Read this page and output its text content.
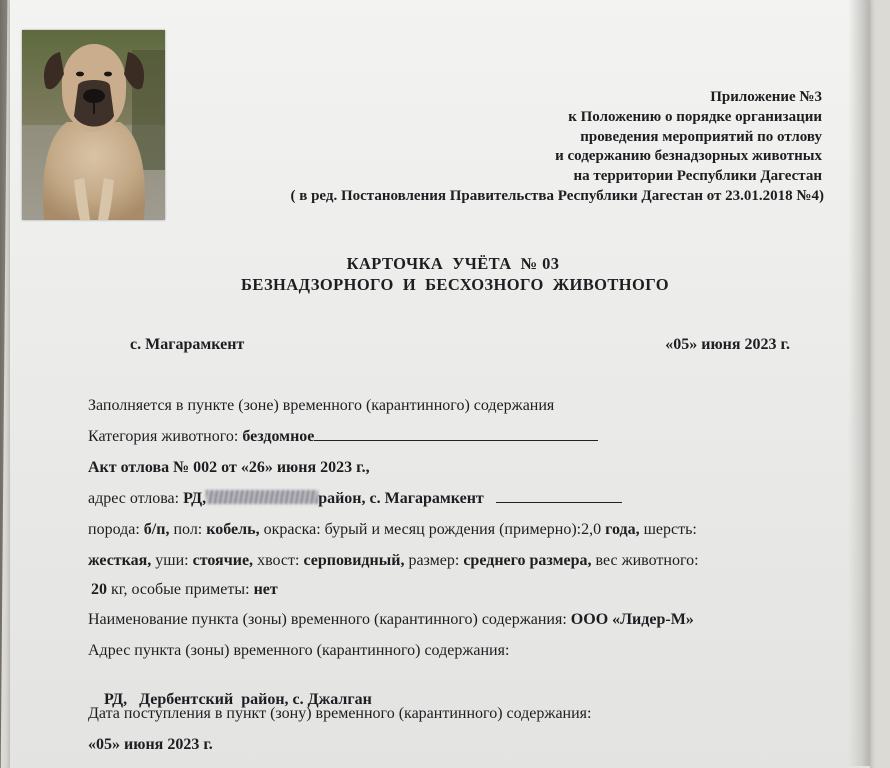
Приложение №3
к Положению о порядке организации
проведения мероприятий по отлову
и содержанию безнадзорных животных
на территории Республики Дагестан
( в ред. Постановления Правительства Республики Дагестан от 23.01.2018 №4)
КАРТОЧКА  УЧЁТА  № 03
БЕЗНАДЗОРНОГО  И  БЕСХОЗНОГО  ЖИВОТНОГО
с. Магарамкент	«05» июня 2023 г.
Заполняется в пункте (зоне) временного (карантинного) содержания
Категория животного: бездомное
Акт отлова № 002 от «26» июня 2023 г.,
адрес отлова: РД,	район, с. Магарамкент
порода: б/п, пол: кобель, окраска: бурый и месяц рождения (примерно):2,0 года, шерсть:
жесткая, уши: стоячие, хвост: серповидный, размер: среднего размера, вес животного:
20 кг, особые приметы: нет
Наименование пункта (зоны) временного (карантинного) содержания: ООО «Лидер-М»
Адрес пункта (зоны) временного (карантинного) содержания:

РД,   Дербентский  район, с. Джалган

Дата поступления в пункт (зону) временного (карантинного) содержания:
«05» июня 2023 г.
